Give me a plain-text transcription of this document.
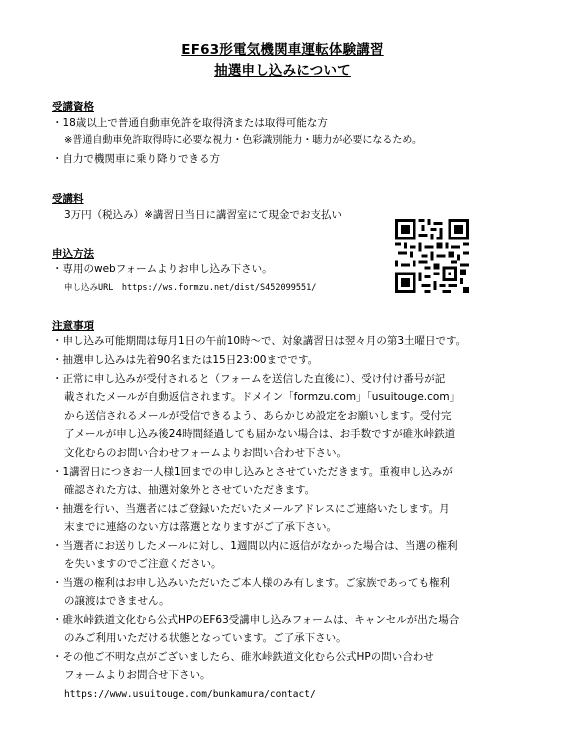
EF63形電気機関車運転体験講習
抽選申し込みについて
受講資格
・18歳以上で普通自動車免許を取得済または取得可能な方
※普通自動車免許取得時に必要な視力・色彩識別能力・聴力が必要になるため。
・自力で機関車に乗り降りできる方
受講料
3万円（税込み）※講習日当日に講習室にて現金でお支払い
申込方法
・専用のwebフォームよりお申し込み下さい。
申し込みURL　https://ws.formzu.net/dist/S452099551/
注意事項
・申し込み可能期間は毎月1日の午前10時～で、対象講習日は翌々月の第3土曜日です。
・抽選申し込みは先着90名または15日23:00までです。
・正常に申し込みが受付されると（フォームを送信した直後に）、受け付け番号が記
載されたメールが自動返信されます。ドメイン「formzu.com」「usuitouge.com」
から送信されるメールが受信できるよう、あらかじめ設定をお願いします。受付完
了メールが申し込み後24時間経過しても届かない場合は、お手数ですが碓氷峠鉄道
文化むらのお問い合わせフォームよりお問い合わせ下さい。
・1講習日につきお一人様1回までの申し込みとさせていただきます。重複申し込みが
確認された方は、抽選対象外とさせていただきます。
・抽選を行い、当選者にはご登録いただいたメールアドレスにご連絡いたします。月
末までに連絡のない方は落選となりますがご了承下さい。
・当選者にお送りしたメールに対し、1週間以内に返信がなかった場合は、当選の権利
を失いますのでご注意ください。
・当選の権利はお申し込みいただいたご本人様のみ有します。ご家族であっても権利
の譲渡はできません。
・碓氷峠鉄道文化むら公式HPのEF63受講申し込みフォームは、キャンセルが出た場合
のみご利用いただける状態となっています。ご了承下さい。
・その他ご不明な点がございましたら、碓氷峠鉄道文化むら公式HPの問い合わせ
フォームよりお問合せ下さい。
https://www.usuitouge.com/bunkamura/contact/
